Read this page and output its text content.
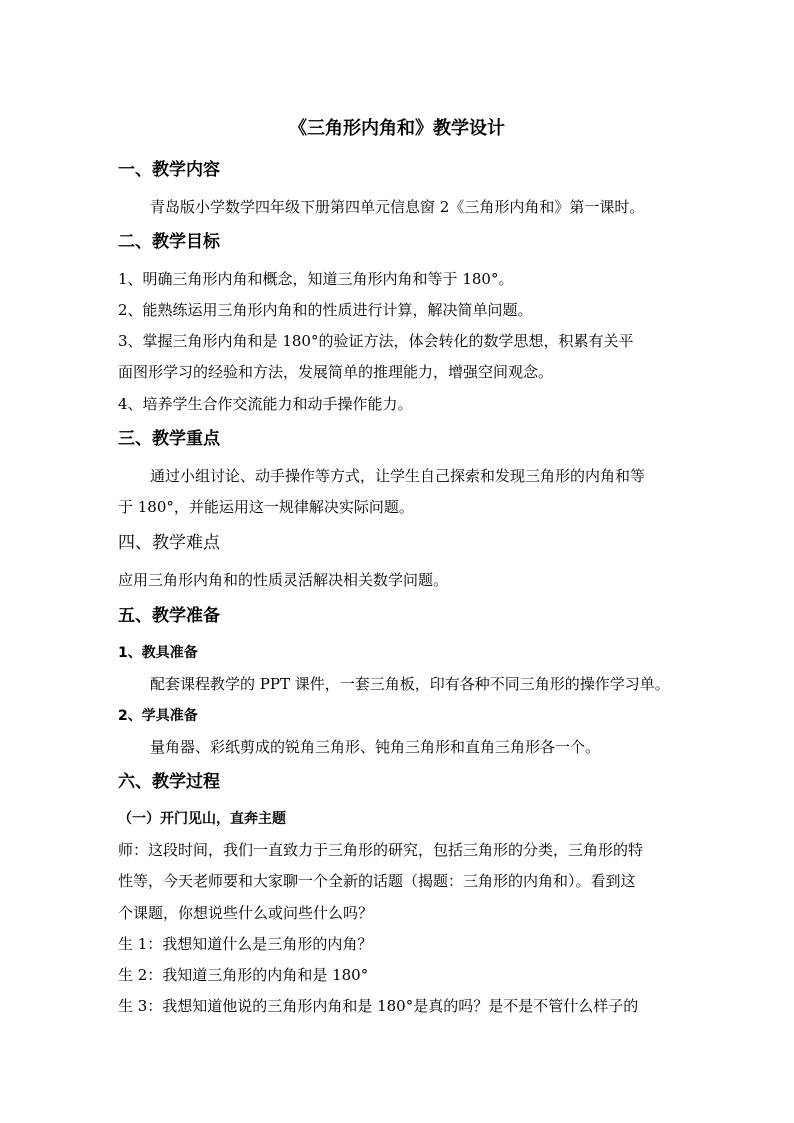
《三角形内角和》教学设计
一、教学内容
青岛版小学数学四年级下册第四单元信息窗 2《三角形内角和》第一课时。
二、教学目标
1、明确三角形内角和概念，知道三角形内角和等于 180°。
2、能熟练运用三角形内角和的性质进行计算，解决简单问题。
3、掌握三角形内角和是 180°的验证方法，体会转化的数学思想，积累有关平
面图形学习的经验和方法，发展简单的推理能力，增强空间观念。
4、培养学生合作交流能力和动手操作能力。
三、教学重点
通过小组讨论、动手操作等方式，让学生自己探索和发现三角形的内角和等
于 180°，并能运用这一规律解决实际问题。
四、教学难点
应用三角形内角和的性质灵活解决相关数学问题。
五、教学准备
1、教具准备
配套课程教学的 PPT 课件，一套三角板，印有各种不同三角形的操作学习单。
2、学具准备
量角器、彩纸剪成的锐角三角形、钝角三角形和直角三角形各一个。
六、教学过程
（一）开门见山，直奔主题
师：这段时间，我们一直致力于三角形的研究，包括三角形的分类，三角形的特
性等，今天老师要和大家聊一个全新的话题（揭题：三角形的内角和）。看到这
个课题，你想说些什么或问些什么吗？
生 1：我想知道什么是三角形的内角？
生 2：我知道三角形的内角和是 180°
生 3：我想知道他说的三角形内角和是 180°是真的吗？是不是不管什么样子的
